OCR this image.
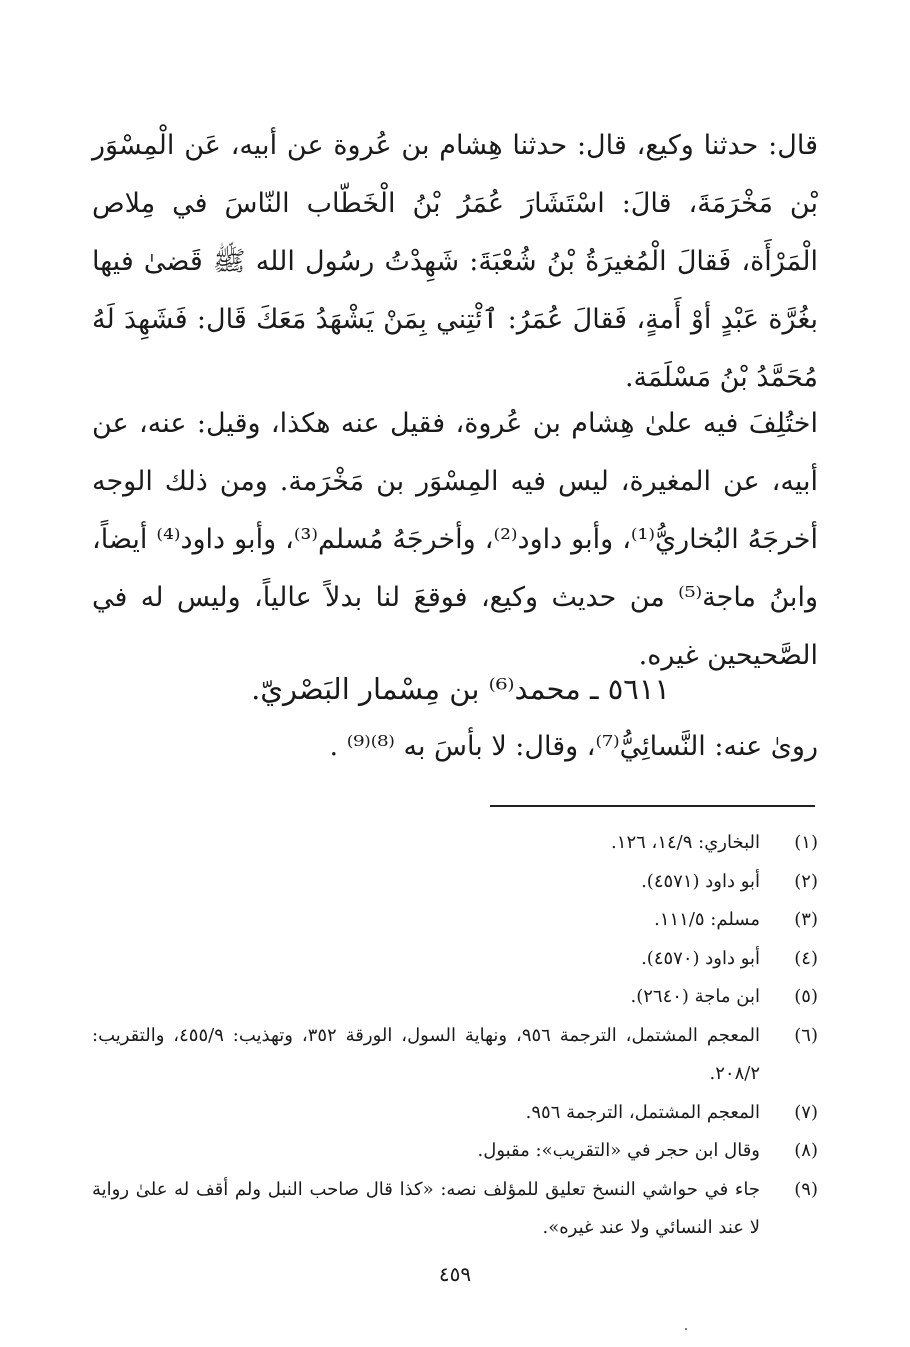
قال: حدثنا وكيع، قال: حدثنا هِشام بن عُروة عن أبيه، عَن الْمِسْوَر بْن مَخْرَمَةَ، قالَ: اسْتَشَارَ عُمَرُ بْنُ الْخَطّاب النّاسَ في مِلاص الْمَرْأَة، فَقالَ الْمُغيرَةُ بْنُ شُعْبَةَ: شَهِدْتُ رسُول الله ﷺ قَضىٰ فيها بغُرَّة عَبْدٍ أوْ أَمةٍ، فَقالَ عُمَرُ: ٱئْتِني بِمَنْ يَشْهَدُ مَعَكَ قَال: فَشَهِدَ لَهُ مُحَمَّدُ بْنُ مَسْلَمَة.

اختُلِفَ فيه علىٰ هِشام بن عُروة، فقيل عنه هكذا، وقيل: عنه، عن أبيه، عن المغيرة، ليس فيه المِسْوَر بن مَخْرَمة. ومن ذلك الوجه أخرجَهُ البُخاريُّ⁽¹⁾، وأبو داود⁽²⁾، وأخرجَهُ مُسلم⁽³⁾، وأبو داود⁽⁴⁾ أيضاً، وابنُ ماجة⁽⁵⁾ من حديث وكيع، فوقعَ لنا بدلاً عالياً، وليس له في الصَّحيحين غيره.

٥٦١١ ـ محمد⁽⁶⁾ بن مِسْمار البَصْريّ.
روىٰ عنه: النَّسائِيُّ⁽⁷⁾، وقال: لا بأسَ به ⁽⁸⁾⁽⁹⁾ .
(١)
البخاري: ١٤/٩، ١٢٦.
(٢)
أبو داود (٤٥٧١).
(٣)
مسلم: ١١١/٥.
(٤)
أبو داود (٤٥٧٠).
(٥)
ابن ماجة (٢٦٤٠).
(٦)
المعجم المشتمل، الترجمة ٩٥٦، ونهاية السول، الورقة ٣٥٢، وتهذيب: ٤٥٥/٩، والتقريب: ٢٠٨/٢.
(٧)
المعجم المشتمل، الترجمة ٩٥٦.
(٨)
وقال ابن حجر في «التقريب»: مقبول.
(٩)
جاء في حواشي النسخ تعليق للمؤلف نصه: «كذا قال صاحب النبل ولم أقف له علىٰ رواية لا عند النسائي ولا عند غيره».
٤٥٩
